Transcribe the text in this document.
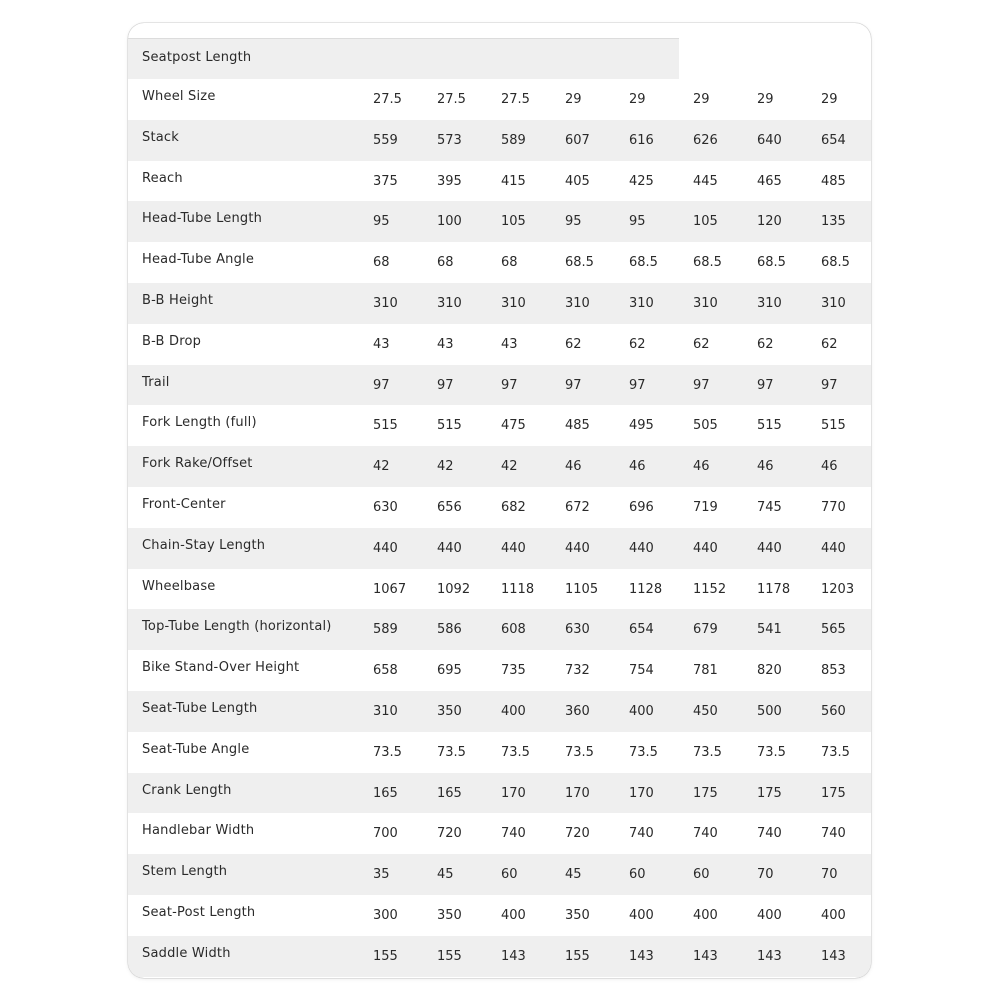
Seatpost Length
Wheel Size	27.5	27.5	27.5	29	29	29	29	29
Stack	559	573	589	607	616	626	640	654
Reach	375	395	415	405	425	445	465	485
Head-Tube Length	95	100	105	95	95	105	120	135
Head-Tube Angle	68	68	68	68.5	68.5	68.5	68.5	68.5
B-B Height	310	310	310	310	310	310	310	310
B-B Drop	43	43	43	62	62	62	62	62
Trail	97	97	97	97	97	97	97	97
Fork Length (full)	515	515	475	485	495	505	515	515
Fork Rake/Offset	42	42	42	46	46	46	46	46
Front-Center	630	656	682	672	696	719	745	770
Chain-Stay Length	440	440	440	440	440	440	440	440
Wheelbase	1067 1092 1118 1105 1128 1152 1178 1203
Top-Tube Length (horizontal)	589	586	608	630	654	679	541	565
Bike Stand-Over Height	658	695	735	732	754	781	820	853
Seat-Tube Length	310	350	400	360	400	450	500	560
Seat-Tube Angle	73.5	73.5	73.5	73.5	73.5	73.5	73.5	73.5
Crank Length	165	165	170	170	170	175	175	175
Handlebar Width	700	720	740	720	740	740	740	740
Stem Length	35	45	60	45	60	60	70	70
Seat-Post Length	300	350	400	350	400	400	400	400
Saddle Width	155	155	143	155	143	143	143	143
